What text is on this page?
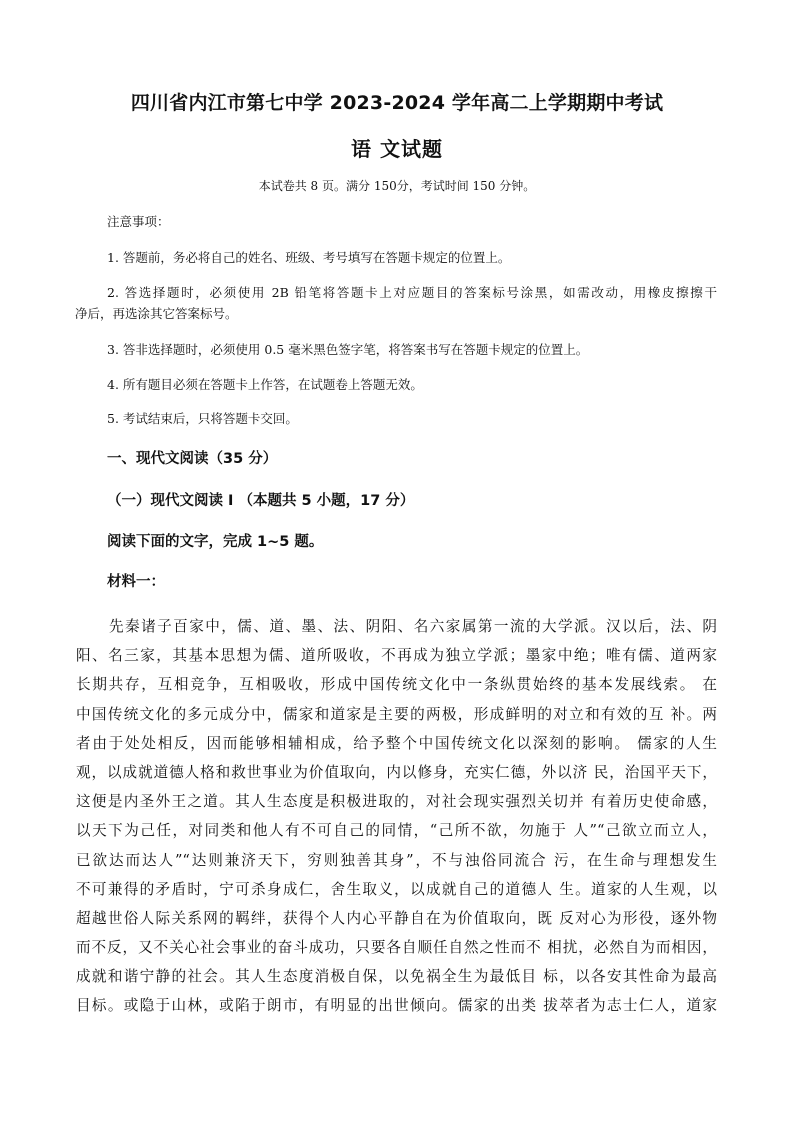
四川省内江市第七中学 2023-2024 学年高二上学期期中考试
语 文试题
本试卷共 8 页。满分 150分，考试时间 150 分钟。
注意事项：
1. 答题前，务必将自己的姓名、班级、考号填写在答题卡规定的位置上。
2. 答选择题时，必须使用 2B 铅笔将答题卡上对应题目的答案标号涂黑，如需改动，用橡皮擦擦干
净后，再选涂其它答案标号。
3. 答非选择题时，必须使用 0.5 毫米黑色签字笔，将答案书写在答题卡规定的位置上。
4. 所有题目必须在答题卡上作答，在试题卷上答题无效。
5. 考试结束后，只将答题卡交回。
一、现代文阅读（35 分）
（一）现代文阅读 I （本题共 5 小题，17 分）
阅读下面的文字，完成 1~5 题。
材料一：
先秦诸子百家中，儒、道、墨、法、阴阳、名六家属第一流的大学派。汉以后，法、阴
阳、名三家，其基本思想为儒、道所吸收，不再成为独立学派；墨家中绝；唯有儒、道两家
长期共存，互相竞争，互相吸收，形成中国传统文化中一条纵贯始终的基本发展线索。 在
中国传统文化的多元成分中，儒家和道家是主要的两极，形成鲜明的对立和有效的互 补。两
者由于处处相反，因而能够相辅相成，给予整个中国传统文化以深刻的影响。 儒家的人生
观，以成就道德人格和救世事业为价值取向，内以修身，充实仁德，外以济 民，治国平天下，
这便是内圣外王之道。其人生态度是积极进取的，对社会现实强烈关切并 有着历史使命感，
以天下为己任，对同类和他人有不可自己的同情，“己所不欲，勿施于 人”“己欲立而立人，
已欲达而达人”“达则兼济天下，穷则独善其身”，不与浊俗同流合 污，在生命与理想发生
不可兼得的矛盾时，宁可杀身成仁，舍生取义，以成就自己的道德人 生。道家的人生观，以
超越世俗人际关系网的羁绊，获得个人内心平静自在为价值取向，既 反对心为形役，逐外物
而不反，又不关心社会事业的奋斗成功，只要各自顺任自然之性而不 相扰，必然自为而相因，
成就和谐宁静的社会。其人生态度消极自保，以免祸全生为最低目 标，以各安其性命为最高
目标。或隐于山林，或陷于朗市，有明显的出世倾向。儒家的出类 拔萃者为志士仁人，道家
